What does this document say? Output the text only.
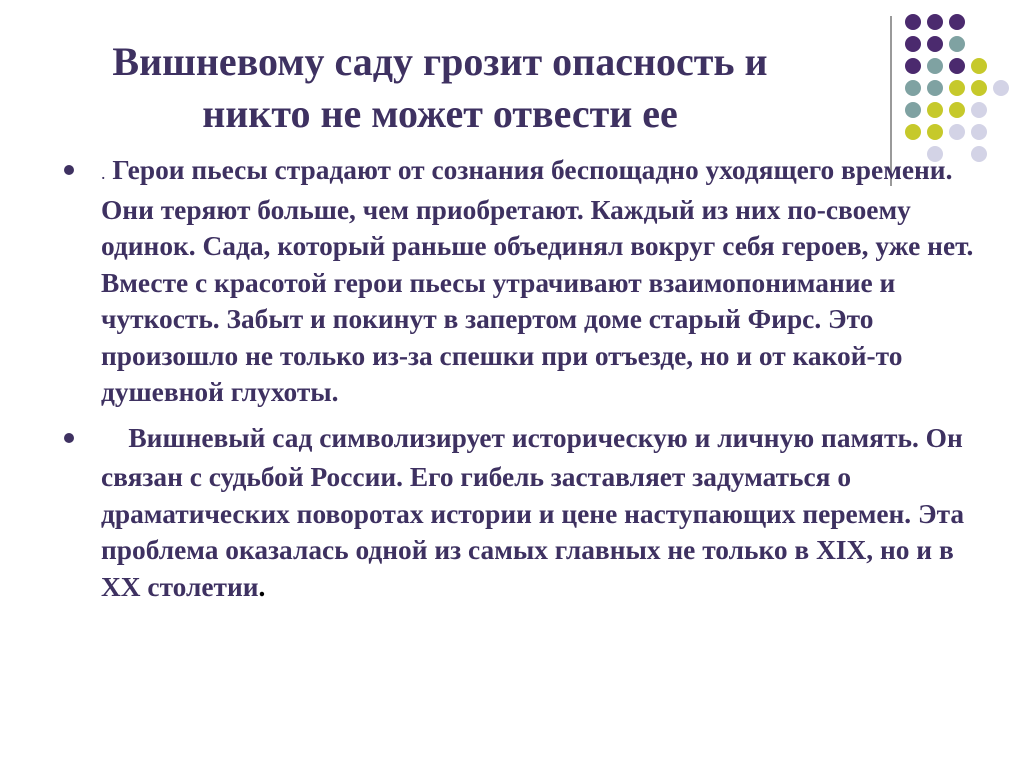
Вишневому саду грозит опасность и
никто не может отвести ее
. Герои пьесы страдают от сознания беспощадно уходящего времени. Они теряют больше, чем приобретают. Каждый из них по-своему одинок. Сада, который раньше объединял вокруг себя героев, уже нет. Вместе с красотой герои пьесы утрачивают взаимопонимание и чуткость. Забыт и покинут в запертом доме старый Фирс. Это произошло не только из-за спешки при отъезде, но и от какой-то душевной глухоты.
Вишневый сад символизирует историческую и личную память. Он связан с судьбой России. Его гибель заставляет задуматься о драматических поворотах истории и цене наступающих перемен. Эта проблема оказалась одной из самых главных не только в XIX, но и в XX столетии.
